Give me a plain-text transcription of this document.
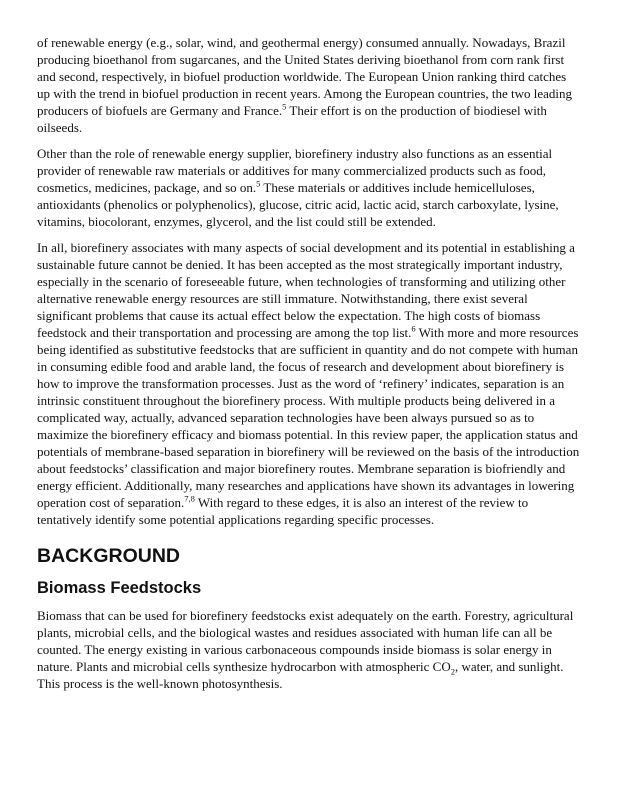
of renewable energy (e.g., solar, wind, and geothermal energy) consumed annually. Nowadays, Brazil producing bioethanol from sugarcanes, and the United States deriving bioethanol from corn rank first and second, respectively, in biofuel production worldwide. The European Union ranking third catches up with the trend in biofuel production in recent years. Among the European countries, the two leading producers of biofuels are Germany and France.$^5$ Their effort is on the production of biodiesel with oilseeds.

Other than the role of renewable energy supplier, biorefinery industry also functions as an essential provider of renewable raw materials or additives for many commercialized products such as food, cosmetics, medicines, package, and so on.$^5$ These materials or additives include hemicelluloses, antioxidants (phenolics or polyphenolics), glucose, citric acid, lactic acid, starch carboxylate, lysine, vitamins, biocolorant, enzymes, glycerol, and the list could still be extended.

In all, biorefinery associates with many aspects of social development and its potential in establishing a sustainable future cannot be denied. It has been accepted as the most strategically important industry, especially in the scenario of foreseeable future, when technologies of transforming and utilizing other alternative renewable energy resources are still immature. Notwithstanding, there exist several significant problems that cause its actual effect below the expectation. The high costs of biomass feedstock and their transportation and processing are among the top list.$^6$ With more and more resources being identified as substitutive feedstocks that are sufficient in quantity and do not compete with human in consuming edible food and arable land, the focus of research and development about biorefinery is how to improve the transformation processes. Just as the word of ‘refinery’ indicates, separation is an intrinsic constituent throughout the biorefinery process. With multiple products being delivered in a complicated way, actually, advanced separation technologies have been always pursued so as to maximize the biorefinery efficacy and biomass potential. In this review paper, the application status and potentials of membrane-based separation in biorefinery will be reviewed on the basis of the introduction about feedstocks’ classification and major biorefinery routes. Membrane separation is biofriendly and energy efficient. Additionally, many researches and applications have shown its advantages in lowering operation cost of separation.$^{7,8}$ With regard to these edges, it is also an interest of the review to tentatively identify some potential applications regarding specific processes.

BACKGROUND
Biomass Feedstocks

Biomass that can be used for biorefinery feedstocks exist adequately on the earth. Forestry, agricultural plants, microbial cells, and the biological wastes and residues associated with human life can all be counted. The energy existing in various carbonaceous compounds inside biomass is solar energy in nature. Plants and microbial cells synthesize hydrocarbon with atmospheric $CO_2$, water, and sunlight. This process is the well-known photosynthesis.
